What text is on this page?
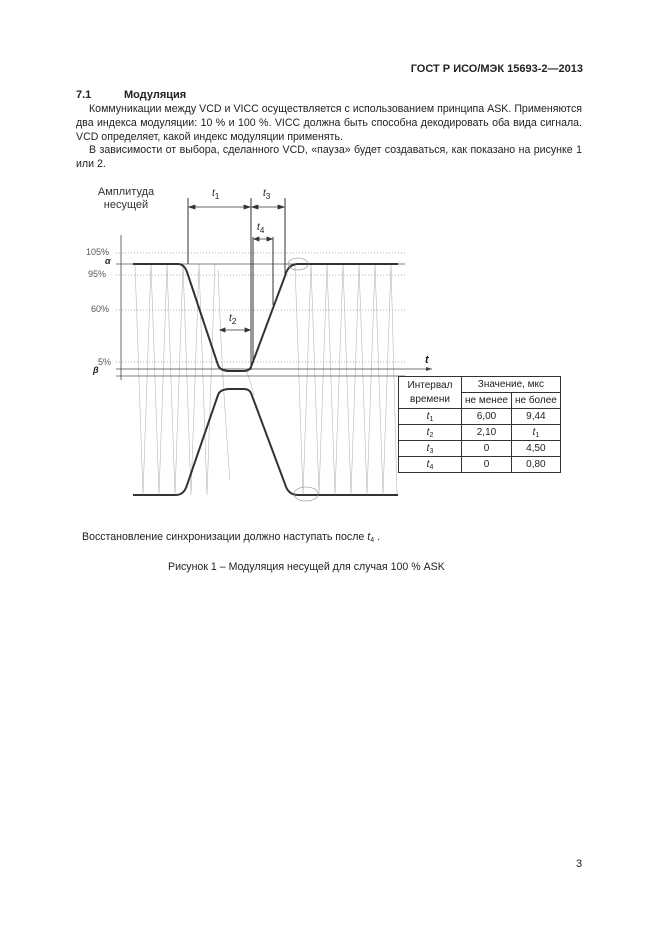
ГОСТ Р ИСО/МЭК 15693-2—2013
7.1	Модуляция
Коммуникации между VCD и VICC осуществляется с использованием принципа ASK. Применяются два индекса модуляции: 10 % и 100 %. VICC должна быть способна декодировать оба вида сигнала. VCD определяет, какой индекс модуляции применять.
В зависимости от выбора, сделанного VCD, «пауза» будет создаваться, как показано на рисунке 1 или 2.
Амплитуда
несущей
105%
α
95%
60%
5%
β
t
$t_1$	$t_3$
$t_4$
$t_2$
Интервал
времени	Значение, мкс	
	не менее	не более
$t_1$	6,00	9,44
$t_2$	2,10	$t_1$
$t_3$	0	4,50
$t_4$	0	0,80
Восстановление синхронизации должно наступать после t4 .
Рисунок 1 – Модуляция несущей для случая 100 % ASK
3
